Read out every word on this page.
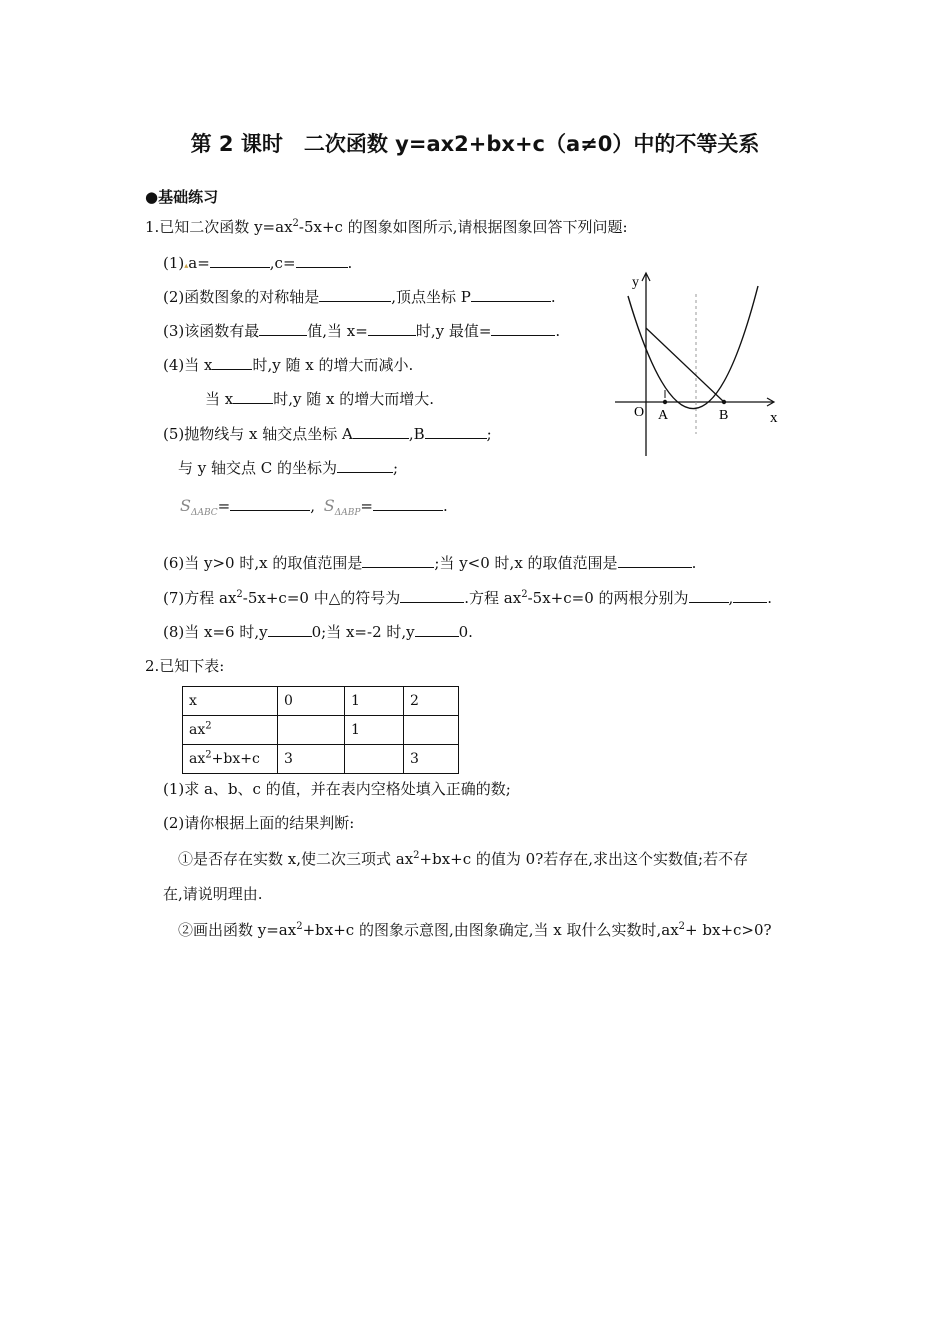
第 2 课时　二次函数 y=ax2+bx+c（a≠0）中的不等关系
●基础练习
1.已知二次函数 $y=ax^2-5x+c$ 的图象如图所示,请根据图象回答下列问题:
(1)▴a=	,c=	.
(2)函数图象的对称轴是	,顶点坐标 P	.
(3)该函数有最	值,当 x=	时,y 最值=	.
(4)当 x	时,y 随 x 的增大而减小.
当 x	时,y 随 x 的增大而增大.
(5)抛物线与 x 轴交点坐标 A	,B	;
与 y 轴交点 C 的坐标为	;
$S_{\Delta ABC}=$	, $S_{\Delta ABP}=$	.
(6)当 y>0 时,x 的取值范围是	;当 y<0 时,x 的取值范围是	.
(7)方程 $ax^2-5x+c=0$ 中△的符号为	.方程 $ax^2-5x+c=0$ 的两根分别为	, .
(8)当 x=6 时,y	0;当 x=-2 时,y	0.
y
x
O A	B
2.已知下表:
x	0	1	2
$ax^2$		1	
$ax^2+bx+c$	3		3
(1)求 a、b、c 的值，并在表内空格处填入正确的数;
(2)请你根据上面的结果判断:
①是否存在实数 x,使二次三项式 $ax^2+bx+c$ 的值为 0?若存在,求出这个实数值;若不存
在,请说明理由.
②画出函数 $y=ax^2+bx+c$ 的图象示意图,由图象确定,当 x 取什么实数时$,ax^2+ bx+c>0$?
